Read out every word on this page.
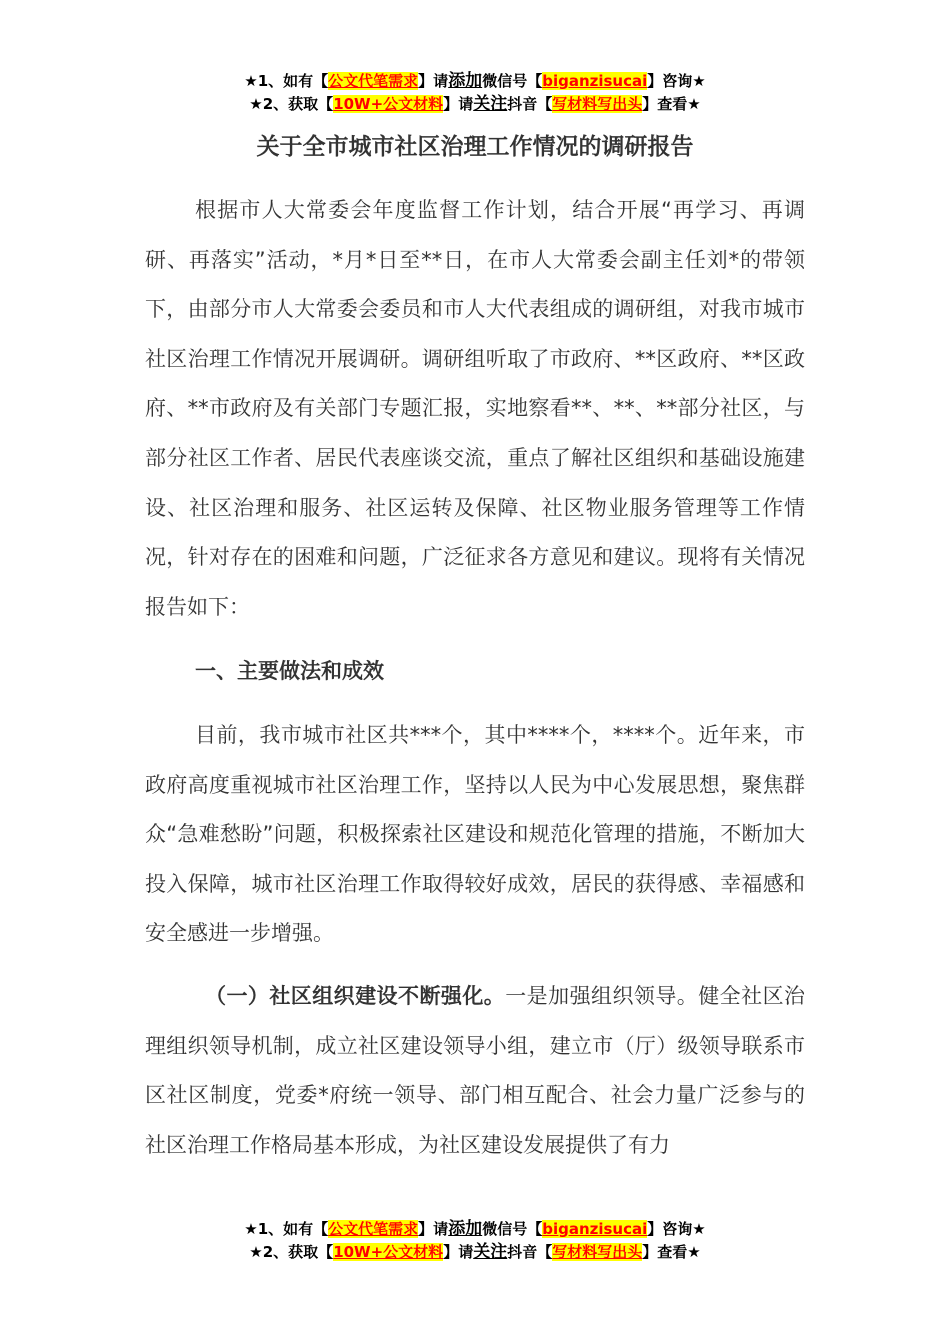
★1、如有【公文代笔需求】请添加微信号【biganzisucai】咨询★
★2、获取【10W+公文材料】请关注抖音【写材料写出头】查看★
关于全市城市社区治理工作情况的调研报告

根据市人大常委会年度监督工作计划，结合开展“再学习、再调研、再落实”活动，*月*日至**日，在市人大常委会副主任刘*的带领下，由部分市人大常委会委员和市人大代表组成的调研组，对我市城市社区治理工作情况开展调研。调研组听取了市政府、**区政府、**区政府、**市政府及有关部门专题汇报，实地察看**、**、**部分社区，与部分社区工作者、居民代表座谈交流，重点了解社区组织和基础设施建设、社区治理和服务、社区运转及保障、社区物业服务管理等工作情况，针对存在的困难和问题，广泛征求各方意见和建议。现将有关情况报告如下：

一、主要做法和成效

目前，我市城市社区共***个，其中****个，****个。近年来，市政府高度重视城市社区治理工作，坚持以人民为中心发展思想，聚焦群众“急难愁盼”问题，积极探索社区建设和规范化管理的措施，不断加大投入保障，城市社区治理工作取得较好成效，居民的获得感、幸福感和安全感进一步增强。

（一）社区组织建设不断强化。一是加强组织领导。健全社区治理组织领导机制，成立社区建设领导小组，建立市（厅）级领导联系市区社区制度，党委*府统一领导、部门相互配合、社会力量广泛参与的社区治理工作格局基本形成，为社区建设发展提供了有力

★1、如有【公文代笔需求】请添加微信号【biganzisucai】咨询★
★2、获取【10W+公文材料】请关注抖音【写材料写出头】查看★
